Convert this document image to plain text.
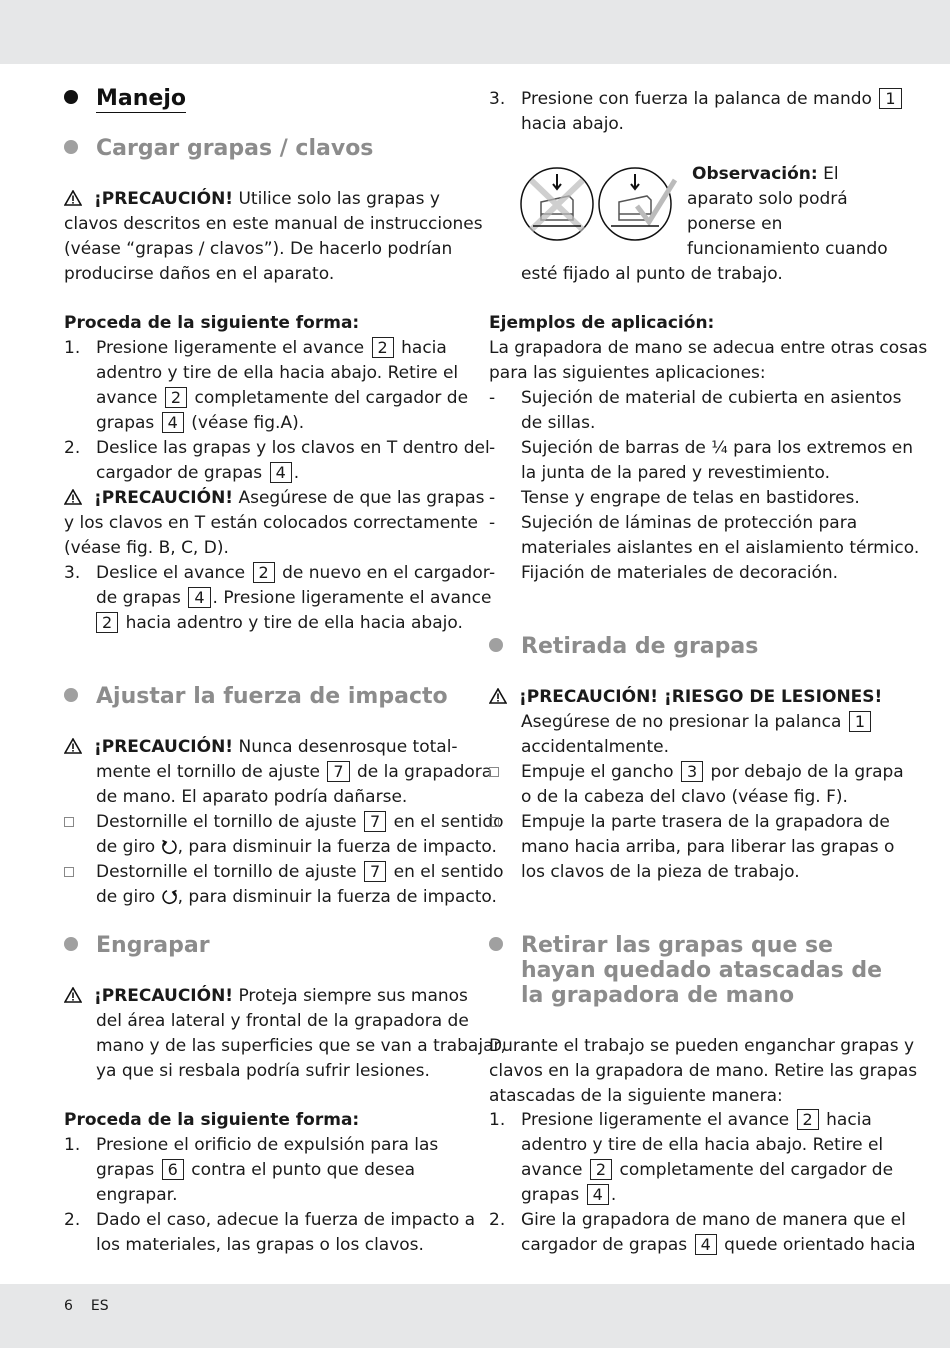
Manejo
Cargar grapas / clavos

¡PRECAUCIÓN! Utilice solo las grapas y

clavos descritos en este manual de instrucciones

(véase “grapas / clavos”). De hacerlo podrían

producirse daños en el aparato.

Proceda de la siguiente forma:

1. Presione ligeramente el avance 2 hacia

adentro y tire de ella hacia abajo. Retire el

avance 2 completamente del cargador de

grapas 4 (véase fig.A).

2. Deslice las grapas y los clavos en T dentro del

cargador de grapas 4 .

¡PRECAUCIÓN! Asegúrese de que las grapas

y los clavos en T están colocados correctamente

(véase fig. B, C, D).

3. Deslice el avance 2 de nuevo en el cargador

de grapas 4 . Presione ligeramente el avance

2 hacia adentro y tire de ella hacia abajo.

Ajustar la fuerza de impacto

¡PRECAUCIÓN! Nunca desenrosque total-

mente el tornillo de ajuste 7 de la grapadora

de mano. El aparato podría dañarse.

Destornille el tornillo de ajuste 7 en el sentido

de giro , para disminuir la fuerza de impacto.

Destornille el tornillo de ajuste 7 en el sentido

de giro , para disminuir la fuerza de impacto.

Engrapar

¡PRECAUCIÓN! Proteja siempre sus manos

del área lateral y frontal de la grapadora de

mano y de las superficies que se van a trabajar,

ya que si resbala podría sufrir lesiones.

Proceda de la siguiente forma:

1. Presione el orificio de expulsión para las

grapas 6 contra el punto que desea

engrapar.

2. Dado el caso, adecue la fuerza de impacto a

los materiales, las grapas o los clavos.

3. Presione con fuerza la palanca de mando 1

hacia abajo.

Observación: El

aparato solo podrá

ponerse en

funcionamiento cuando

esté fijado al punto de trabajo.

Ejemplos de aplicación:

La grapadora de mano se adecua entre otras cosas

para las siguientes aplicaciones:

- Sujeción de material de cubierta en asientos

de sillas.

- Sujeción de barras de ¼ para los extremos en

la junta de la pared y revestimiento.

- Tense y engrape de telas en bastidores.

- Sujeción de láminas de protección para

materiales aislantes en el aislamiento térmico.

- Fijación de materiales de decoración.

Retirada de grapas

¡PRECAUCIÓN! ¡RIESGO DE LESIONES!

Asegúrese de no presionar la palanca 1

accidentalmente.

Empuje el gancho 3 por debajo de la grapa

o de la cabeza del clavo (véase fig. F).

Empuje la parte trasera de la grapadora de

mano hacia arriba, para liberar las grapas o

los clavos de la pieza de trabajo.

Retirar las grapas que se
hayan quedado atascadas de
la grapadora de mano

Durante el trabajo se pueden enganchar grapas y

clavos en la grapadora de mano. Retire las grapas

atascadas de la siguiente manera:

1. Presione ligeramente el avance 2 hacia

adentro y tire de ella hacia abajo. Retire el

avance 2 completamente del cargador de

grapas 4 .

2. Gire la grapadora de mano de manera que el

cargador de grapas 4 quede orientado hacia

6 ES
